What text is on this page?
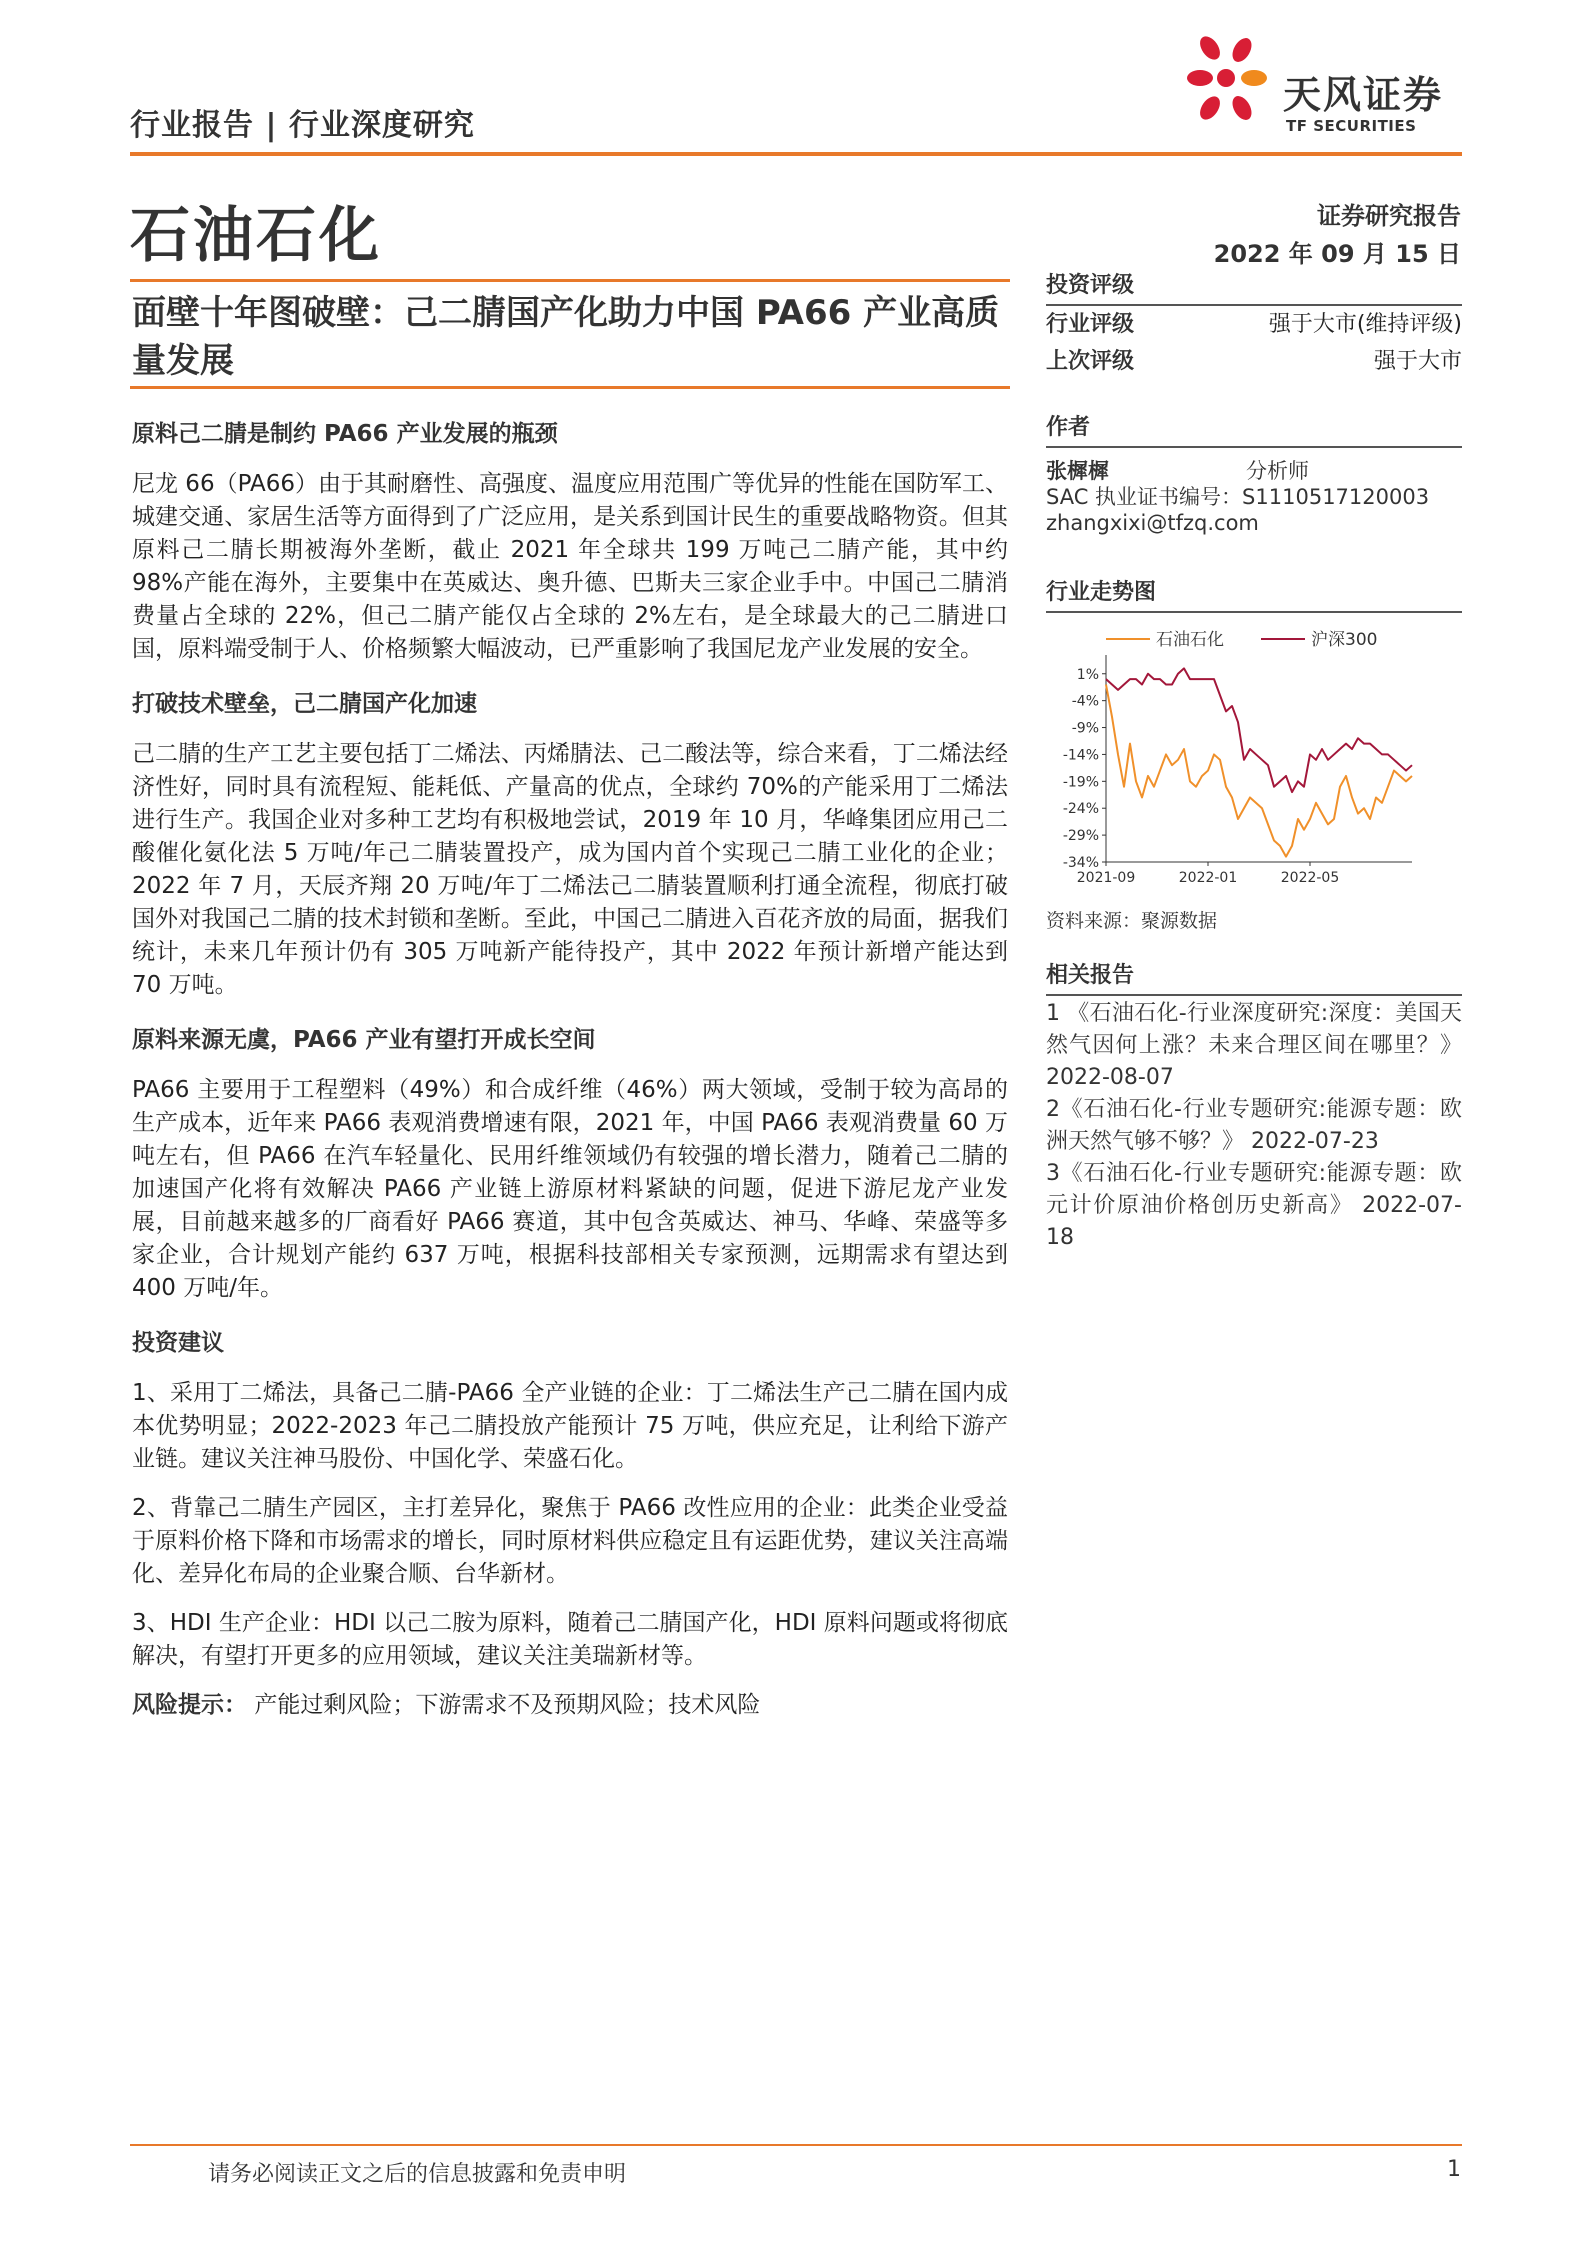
行业报告 | 行业深度研究
天风证券
TF SECURITIES
石油石化	证券研究报告
2022 年 09 月 15 日
面壁十年图破壁：己二腈国产化助力中国 PA66 产业高质量发展
原料己二腈是制约 PA66 产业发展的瓶颈

尼龙 66（PA66）由于其耐磨性、高强度、温度应用范围广等优异的性能在国防军工、城建交通、家居生活等方面得到了广泛应用，是关系到国计民生的重要战略物资。但其原料己二腈长期被海外垄断，截止 2021 年全球共 199 万吨己二腈产能，其中约 98%产能在海外，主要集中在英威达、奥升德、巴斯夫三家企业手中。中国己二腈消费量占全球的 22%，但己二腈产能仅占全球的 2%左右，是全球最大的己二腈进口国，原料端受制于人、价格频繁大幅波动，已严重影响了我国尼龙产业发展的安全。

打破技术壁垒，己二腈国产化加速

己二腈的生产工艺主要包括丁二烯法、丙烯腈法、己二酸法等，综合来看，丁二烯法经济性好，同时具有流程短、能耗低、产量高的优点，全球约 70%的产能采用丁二烯法进行生产。我国企业对多种工艺均有积极地尝试，2019 年 10 月，华峰集团应用己二酸催化氨化法 5 万吨/年己二腈装置投产，成为国内首个实现己二腈工业化的企业；2022 年 7 月，天辰齐翔 20 万吨/年丁二烯法己二腈装置顺利打通全流程，彻底打破国外对我国己二腈的技术封锁和垄断。至此，中国己二腈进入百花齐放的局面，据我们统计，未来几年预计仍有 305 万吨新产能待投产，其中 2022 年预计新增产能达到 70 万吨。

原料来源无虞，PA66 产业有望打开成长空间

PA66 主要用于工程塑料（49%）和合成纤维（46%）两大领域，受制于较为高昂的生产成本，近年来 PA66 表观消费增速有限，2021 年，中国 PA66 表观消费量 60 万吨左右，但 PA66 在汽车轻量化、民用纤维领域仍有较强的增长潜力，随着己二腈的加速国产化将有效解决 PA66 产业链上游原材料紧缺的问题，促进下游尼龙产业发展，目前越来越多的厂商看好 PA66 赛道，其中包含英威达、神马、华峰、荣盛等多家企业，合计规划产能约 637 万吨，根据科技部相关专家预测，远期需求有望达到 400 万吨/年。

投资建议

1、采用丁二烯法，具备己二腈-PA66 全产业链的企业：丁二烯法生产己二腈在国内成本优势明显；2022-2023 年己二腈投放产能预计 75 万吨，供应充足，让利给下游产业链。建议关注神马股份、中国化学、荣盛石化。

2、背靠己二腈生产园区，主打差异化，聚焦于 PA66 改性应用的企业：此类企业受益于原料价格下降和市场需求的增长，同时原材料供应稳定且有运距优势，建议关注高端化、差异化布局的企业聚合顺、台华新材。

3、HDI 生产企业：HDI 以己二胺为原料，随着己二腈国产化，HDI 原料问题或将彻底解决，有望打开更多的应用领域，建议关注美瑞新材等。

风险提示： 产能过剩风险；下游需求不及预期风险；技术风险
投资评级
行业评级	强于大市(维持评级)
上次评级	强于大市
作者
张樨樨	分析师
SAC 执业证书编号：S1110517120003
zhangxixi@tfzq.com
行业走势图
石油石化	沪深300
1%
-4%
-9%
-14%
-19%
-24%
-29%
-34%
2021-09	2022-01	2022-05
资料来源：聚源数据
相关报告
1 《石油石化-行业深度研究:深度：美国天然气因何上涨？未来合理区间在哪里？》 2022-08-07
2《石油石化-行业专题研究:能源专题：欧洲天然气够不够？》 2022-07-23
3《石油石化-行业专题研究:能源专题：欧元计价原油价格创历史新高》 2022-07-18
请务必阅读正文之后的信息披露和免责申明	1
